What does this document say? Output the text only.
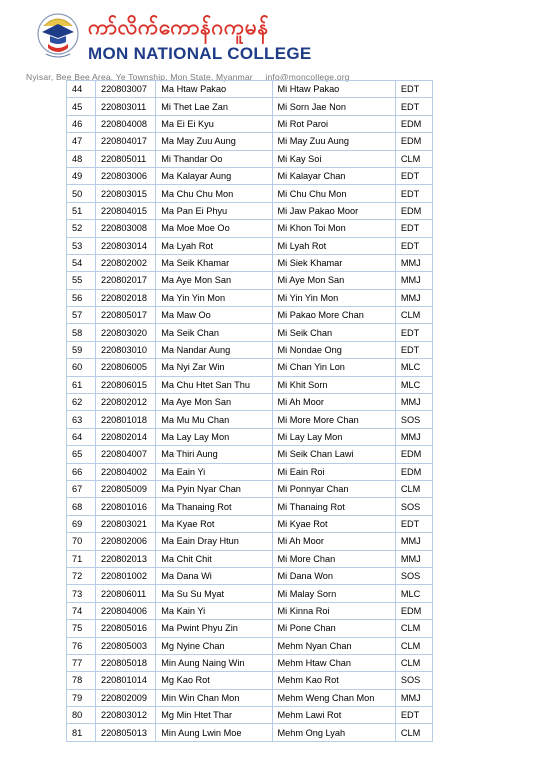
ကာ်လိက်ကောန်ဂကူမန်
MON NATIONAL COLLEGE
Nyisar, Bee Bee Area, Ye Township, Mon State, Myanmar info@moncollege.org
44	220803007	Ma Htaw Pakao	Mi Htaw Pakao	EDT
45	220803011	Mi Thet Lae Zan	Mi Sorn Jae Non	EDT
46	220804008	Ma Ei Ei Kyu	Mi Rot Paroi	EDM
47	220804017	Ma May Zuu Aung	Mi May Zuu Aung	EDM
48	220805011	Mi Thandar Oo	Mi Kay Soi	CLM
49	220803006	Ma Kalayar Aung	Mi Kalayar Chan	EDT
50	220803015	Ma Chu Chu Mon	Mi Chu Chu Mon	EDT
51	220804015	Ma Pan Ei Phyu	Mi Jaw Pakao Moor	EDM
52	220803008	Ma Moe Moe Oo	Mi Khon Toi Mon	EDT
53	220803014	Ma Lyah Rot	Mi Lyah Rot	EDT
54	220802002	Ma Seik Khamar	Mi Siek Khamar	MMJ
55	220802017	Ma Aye Mon San	Mi Aye Mon San	MMJ
56	220802018	Ma Yin Yin Mon	Mi Yin Yin Mon	MMJ
57	220805017	Ma Maw Oo	Mi Pakao More Chan	CLM
58	220803020	Ma Seik Chan	Mi Seik Chan	EDT
59	220803010	Ma Nandar Aung	Mi Nondae Ong	EDT
60	220806005	Ma Nyi Zar Win	Mi Chan Yin Lon	MLC
61	220806015	Ma Chu Htet San Thu	Mi Khit Sorn	MLC
62	220802012	Ma Aye Mon San	Mi Ah Moor	MMJ
63	220801018	Ma Mu Mu Chan	Mi More More Chan	SOS
64	220802014	Ma Lay Lay Mon	Mi Lay Lay Mon	MMJ
65	220804007	Ma Thiri Aung	Mi Seik Chan Lawi	EDM
66	220804002	Ma Eain Yi	Mi Eain Roi	EDM
67	220805009	Ma Pyin Nyar Chan	Mi Ponnyar Chan	CLM
68	220801016	Ma Thanaing Rot	Mi Thanaing Rot	SOS
69	220803021	Ma Kyae Rot	Mi Kyae Rot	EDT
70	220802006	Ma Eain Dray Htun	Mi Ah Moor	MMJ
71	220802013	Ma Chit Chit	Mi More Chan	MMJ
72	220801002	Ma Dana Wi	Mi Dana Won	SOS
73	220806011	Ma Su Su Myat	Mi Malay Sorn	MLC
74	220804006	Ma Kain Yi	Mi Kinna Roi	EDM
75	220805016	Ma Pwint Phyu Zin	Mi Pone Chan	CLM
76	220805003	Mg Nyine Chan	Mehm Nyan Chan	CLM
77	220805018	Min Aung Naing Win	Mehm Htaw Chan	CLM
78	220801014	Mg Kao Rot	Mehm Kao Rot	SOS
79	220802009	Min Win Chan Mon	Mehm Weng Chan Mon	MMJ
80	220803012	Mg Min Htet Thar	Mehm Lawi Rot	EDT
81	220805013	Min Aung Lwin Moe	Mehm Ong Lyah	CLM
